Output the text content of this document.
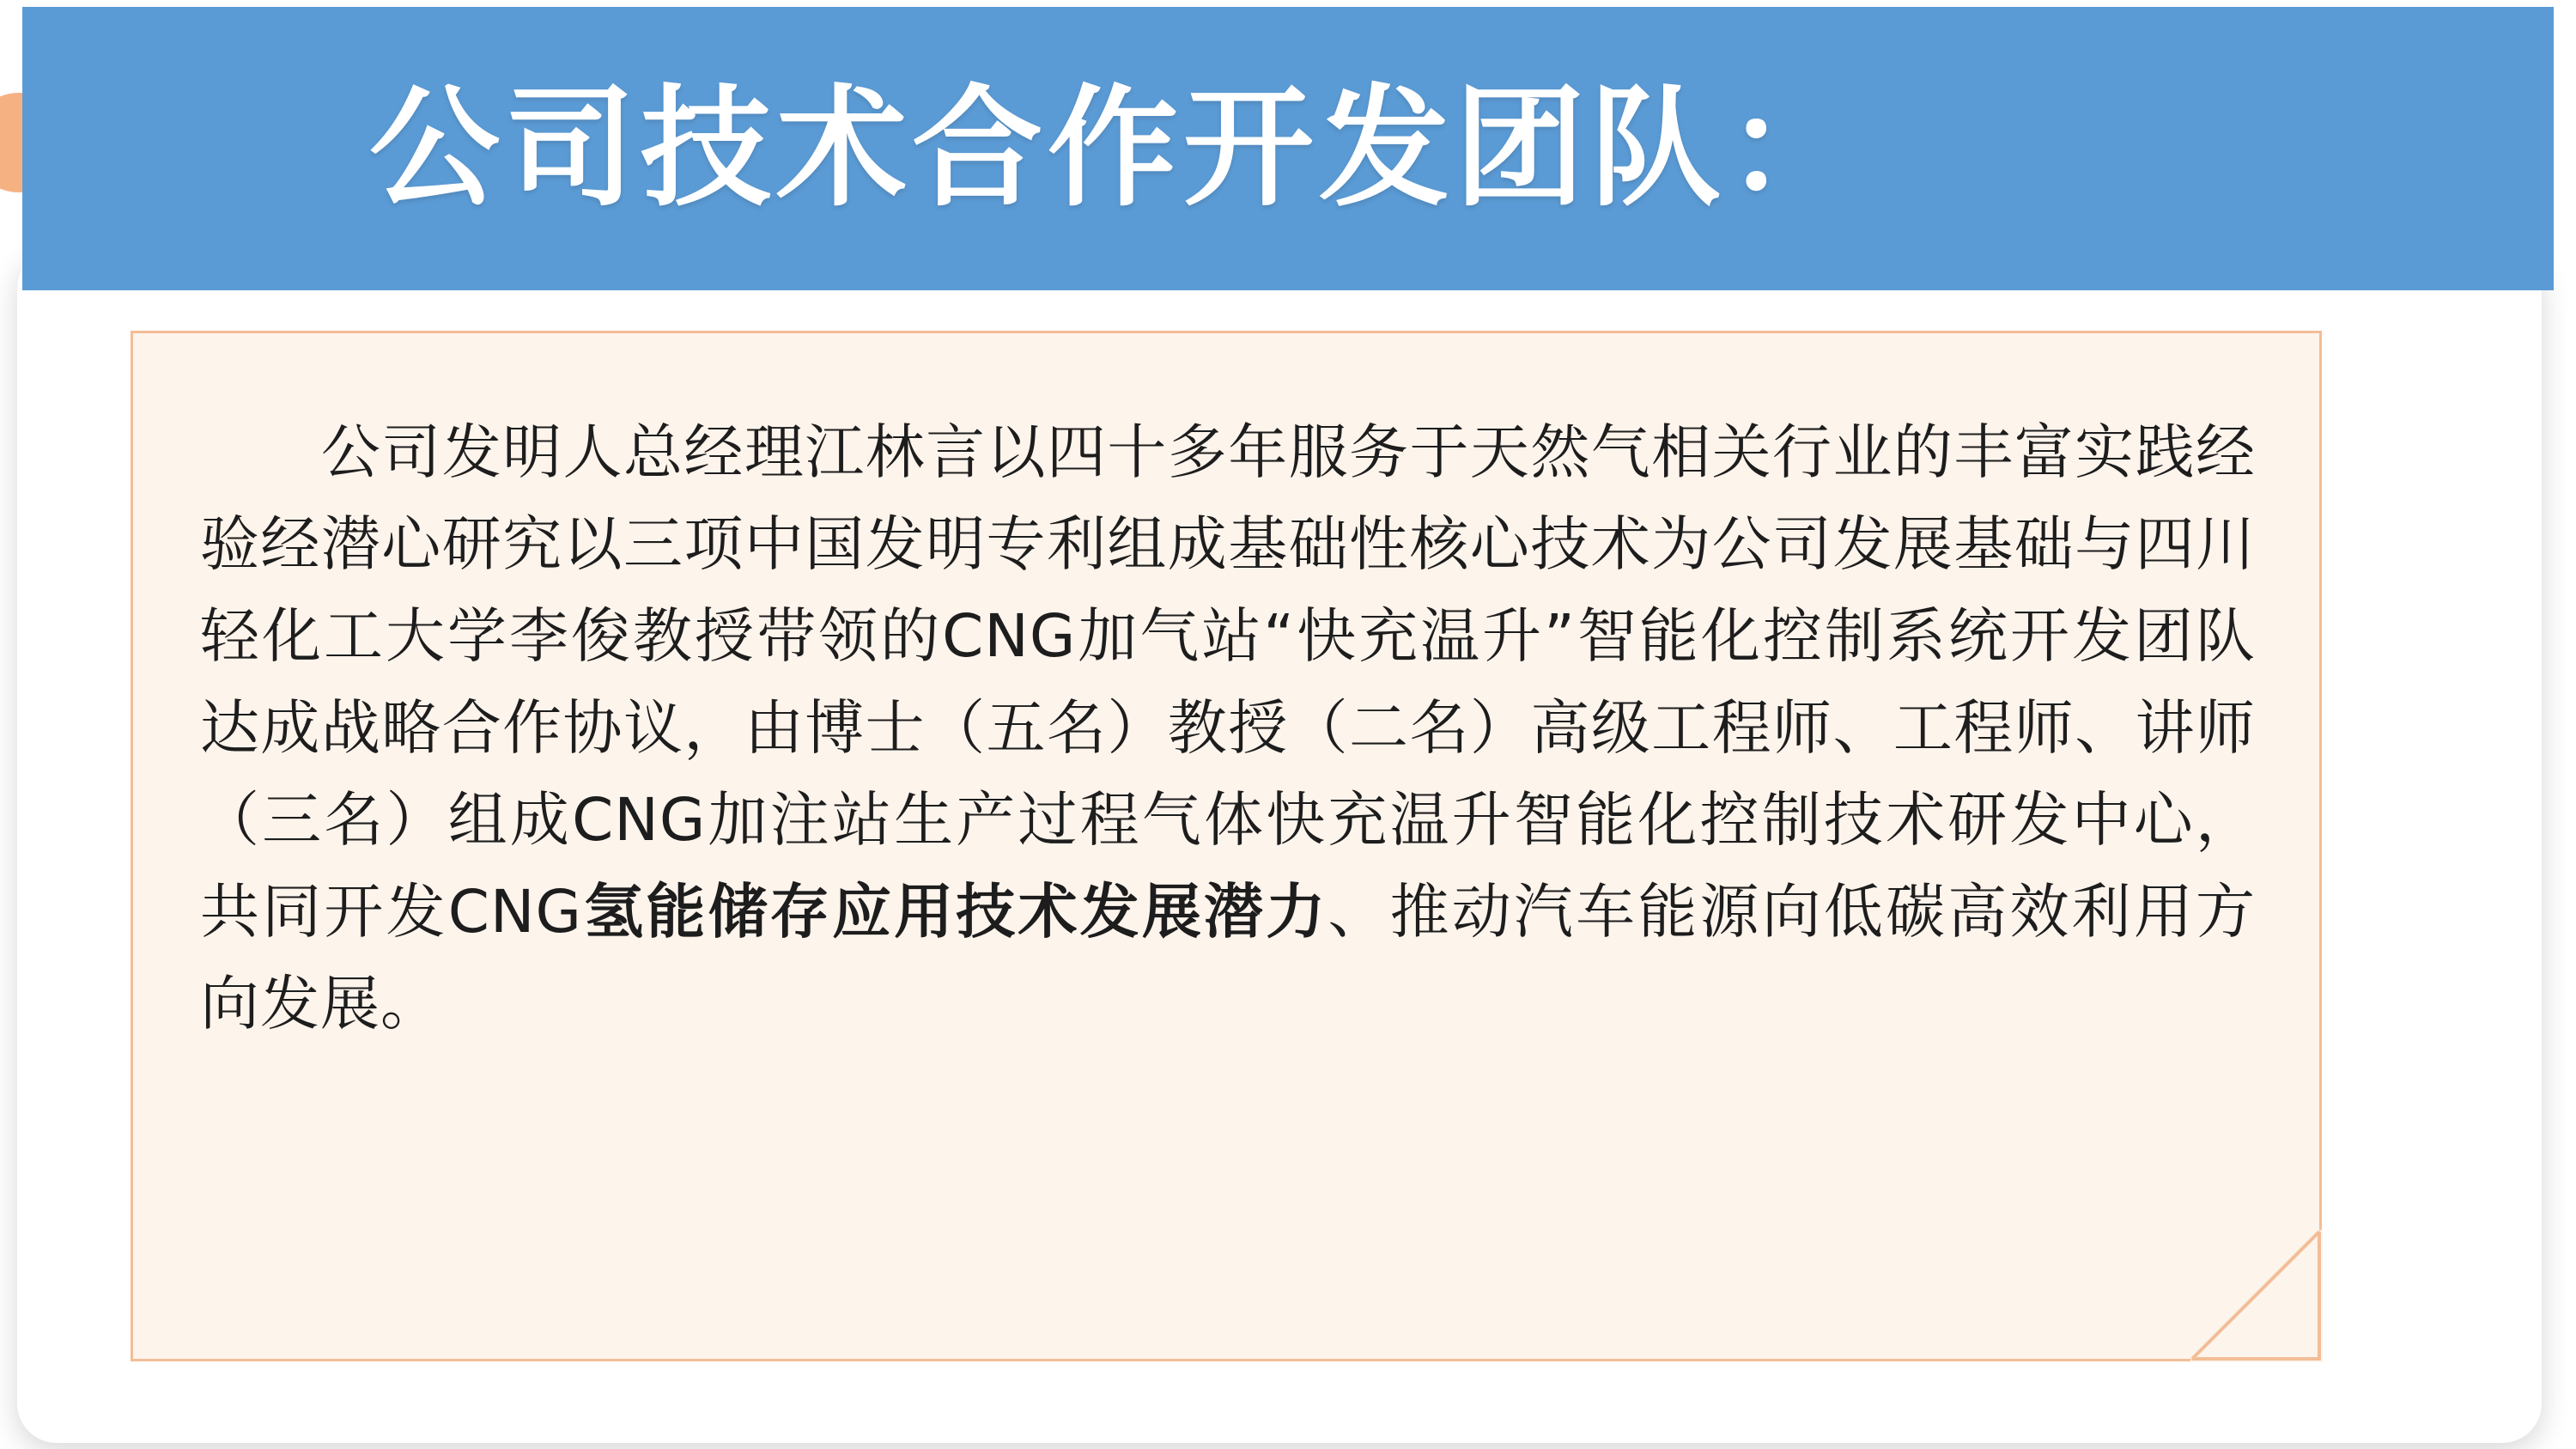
公司技术合作开发团队：
　　公司发明人总经理江林言以四十多年服务于天然气相关行业的丰富实践经验经潜心研究以三项中国发明专利组成基础性核心技术为公司发展基础与四川轻化工大学李俊教授带领的CNG加气站“快充温升”智能化控制系统开发团队达成战略合作协议，由博士（五名）教授（二名）高级工程师、工程师、讲师（三名）组成CNG加注站生产过程气体快充温升智能化控制技术研发中心，共同开发CNG氢能储存应用技术发展潜力、推动汽车能源向低碳高效利用方向发展。
